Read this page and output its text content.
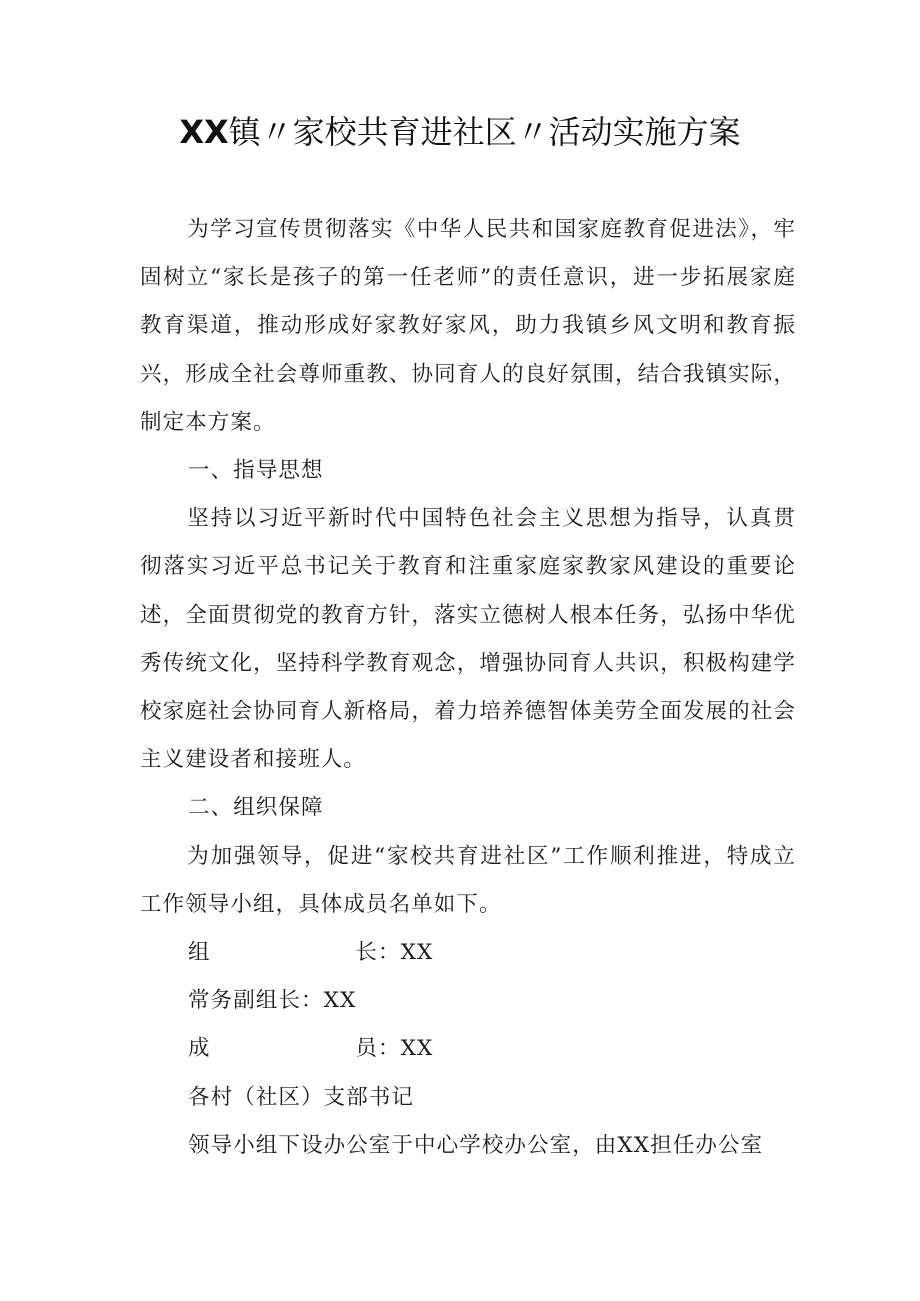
XX镇〃家校共育进社区〃活动实施方案

为学习宣传贯彻落实《中华人民共和国家庭教育促进法》，牢固树立“家长是孩子的第一任老师”的责任意识，进一步拓展家庭教育渠道，推动形成好家教好家风，助力我镇乡风文明和教育振兴，形成全社会尊师重教、协同育人的良好氛围，结合我镇实际，制定本方案。

一、指导思想

坚持以习近平新时代中国特色社会主义思想为指导，认真贯彻落实习近平总书记关于教育和注重家庭家教家风建设的重要论述，全面贯彻党的教育方针，落实立德树人根本任务，弘扬中华优秀传统文化，坚持科学教育观念，增强协同育人共识，积极构建学校家庭社会协同育人新格局，着力培养德智体美劳全面发展的社会主义建设者和接班人。

二、组织保障

为加强领导，促进“家校共育进社区”工作顺利推进，特成立工作领导小组，具体成员名单如下。

组	长 ：XX
常务副组长 ：XX
成	员 ：XX

各村（社区）支部书记

领导小组下设办公室于中心学校办公室，由XX担任办公室
